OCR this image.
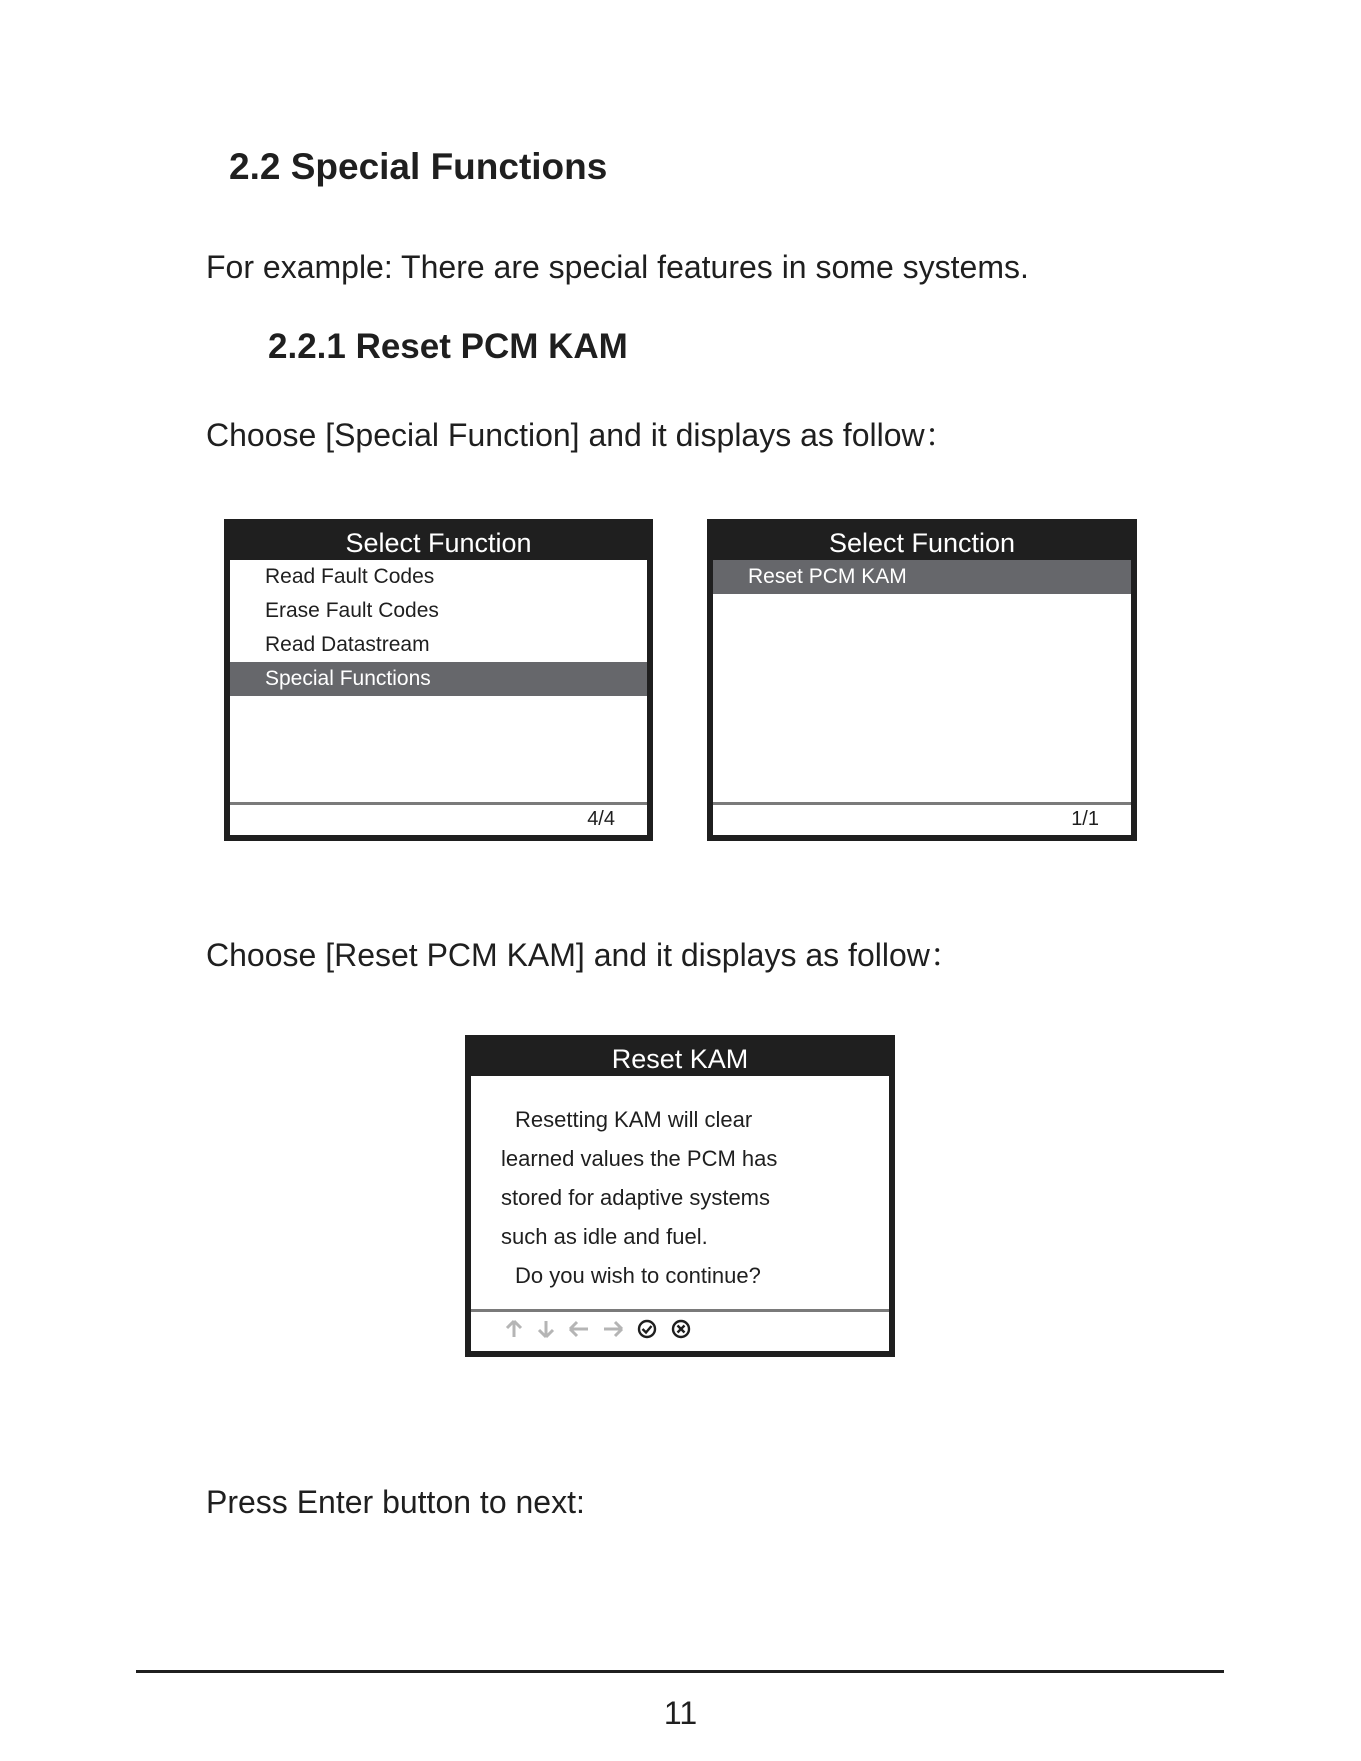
2.2 Special Functions
For example: There are special features in some systems.
2.2.1 Reset PCM KAM
Choose [Special Function] and it displays as follow：
Select Function
Read Fault Codes
Erase Fault Codes
Read Datastream
Special Functions
4/4
Select Function
Reset PCM KAM
1/1
Choose [Reset PCM KAM] and it displays as follow：
Reset KAM
Resetting KAM will clear
learned values the PCM has
stored for adaptive systems
such as idle and fuel.
Do you wish to continue?
Press Enter button to next:
11
